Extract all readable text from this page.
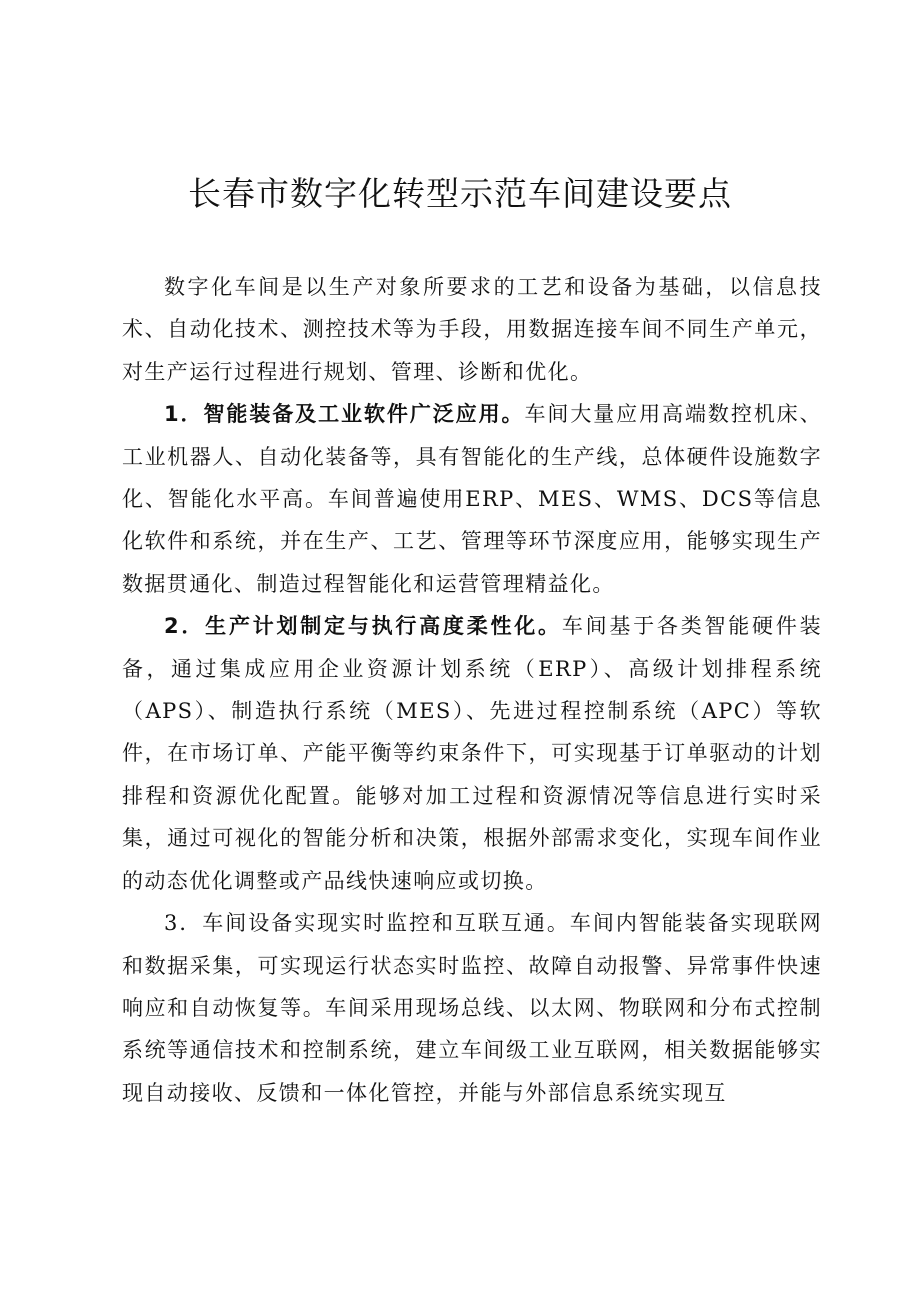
长春市数字化转型示范车间建设要点

数字化车间是以生产对象所要求的工艺和设备为基础，以信息技术、自动化技术、测控技术等为手段，用数据连接车间不同生产单元，对生产运行过程进行规划、管理、诊断和优化。

1．智能装备及工业软件广泛应用。车间大量应用高端数控机床、工业机器人、自动化装备等，具有智能化的生产线，总体硬件设施数字化、智能化水平高。车间普遍使用ERP、MES、WMS、DCS等信息化软件和系统，并在生产、工艺、管理等环节深度应用，能够实现生产数据贯通化、制造过程智能化和运营管理精益化。

2．生产计划制定与执行高度柔性化。车间基于各类智能硬件装备，通过集成应用企业资源计划系统（ERP）、高级计划排程系统（APS）、制造执行系统（MES）、先进过程控制系统（APC）等软件，在市场订单、产能平衡等约束条件下，可实现基于订单驱动的计划排程和资源优化配置。能够对加工过程和资源情况等信息进行实时采集，通过可视化的智能分析和决策，根据外部需求变化，实现车间作业的动态优化调整或产品线快速响应或切换。

3．车间设备实现实时监控和互联互通。车间内智能装备实现联网和数据采集，可实现运行状态实时监控、故障自动报警、异常事件快速响应和自动恢复等。车间采用现场总线、以太网、物联网和分布式控制系统等通信技术和控制系统，建立车间级工业互联网，相关数据能够实现自动接收、反馈和一体化管控，并能与外部信息系统实现互
